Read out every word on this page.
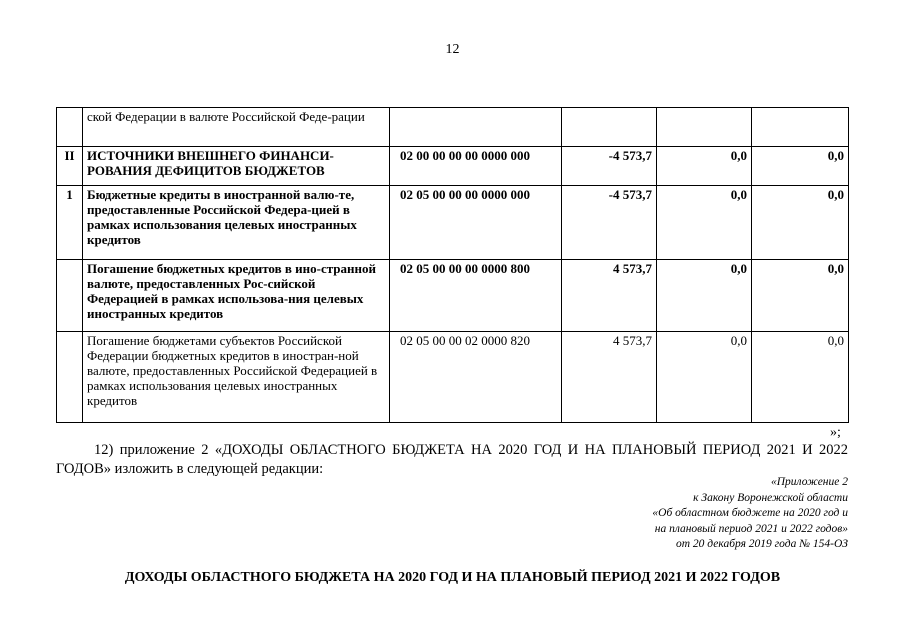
12
	ской Федерации в валюте Российской Феде-рации				
II	ИСТОЧНИКИ ВНЕШНЕГО ФИНАНСИ-РОВАНИЯ ДЕФИЦИТОВ БЮДЖЕТОВ	02 00 00 00 00 0000 000	-4 573,7	0,0	0,0
1	Бюджетные кредиты в иностранной валю-те, предоставленные Российской Федера-цией в рамках использования целевых иностранных кредитов	02 05 00 00 00 0000 000	-4 573,7	0,0	0,0
	Погашение бюджетных кредитов в ино-странной валюте, предоставленных Рос-сийской Федерацией в рамках использова-ния целевых иностранных кредитов	02 05 00 00 00 0000 800	4 573,7	0,0	0,0
	Погашение бюджетами субъектов Российской Федерации бюджетных кредитов в иностран-ной валюте, предоставленных Российской Федерацией в рамках использования целевых иностранных кредитов	02 05 00 00 02 0000 820	4 573,7	0,0	0,0
»;
12) приложение 2 «ДОХОДЫ ОБЛАСТНОГО БЮДЖЕТА НА 2020 ГОД И НА ПЛАНОВЫЙ ПЕРИОД 2021 И 2022 ГОДОВ» изложить в следующей редакции:
«Приложение 2
к Закону Воронежской области
«Об областном бюджете на 2020 год и
на плановый период 2021 и 2022 годов»
от 20 декабря 2019 года № 154-ОЗ
ДОХОДЫ ОБЛАСТНОГО БЮДЖЕТА НА 2020 ГОД И НА ПЛАНОВЫЙ ПЕРИОД 2021 И 2022 ГОДОВ
